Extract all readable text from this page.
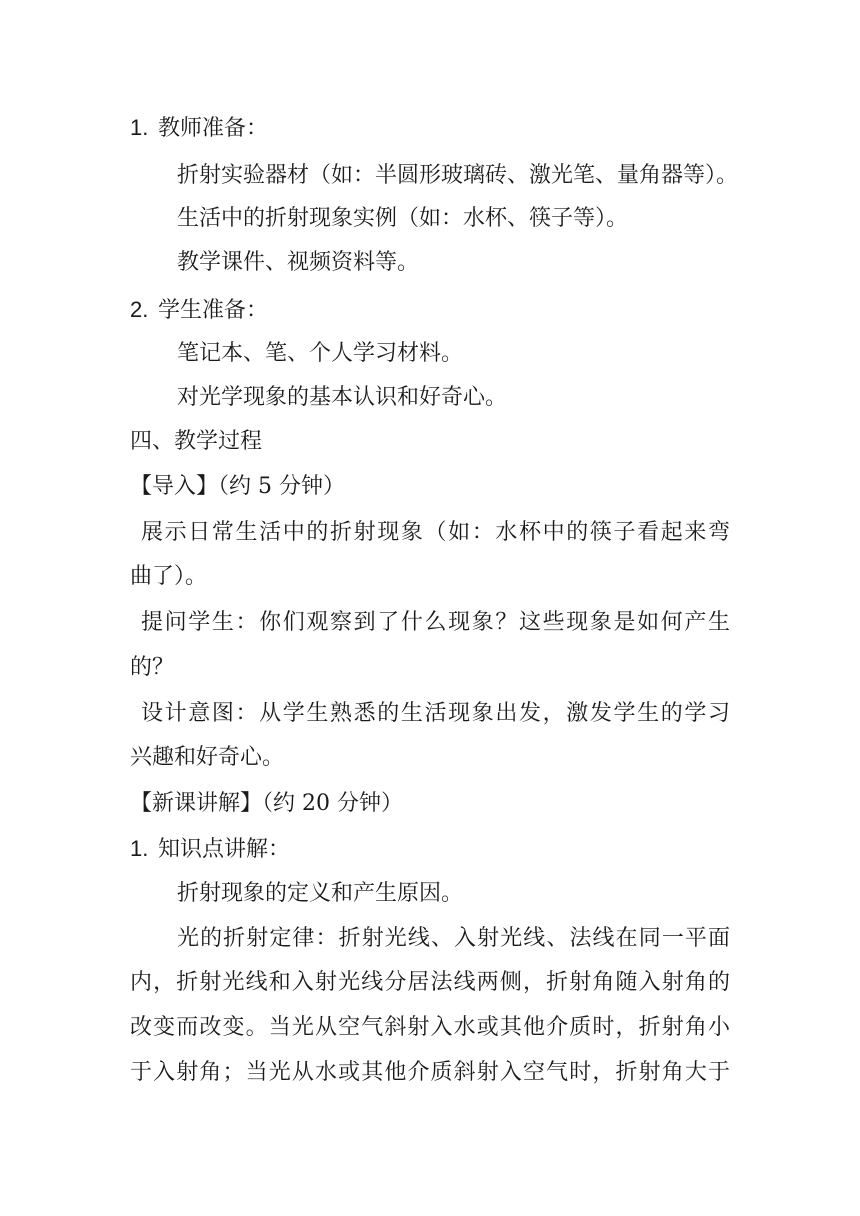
1. 教师准备：
折射实验器材（如：半圆形玻璃砖、激光笔、量角器等）。
生活中的折射现象实例（如：水杯、筷子等）。
教学课件、视频资料等。
2. 学生准备：
笔记本、笔、个人学习材料。
对光学现象的基本认识和好奇心。
四、教学过程
【导入】（约 5 分钟）
展示日常生活中的折射现象（如：水杯中的筷子看起来弯
曲了）。
提问学生：你们观察到了什么现象？这些现象是如何产生
的？
设计意图：从学生熟悉的生活现象出发，激发学生的学习
兴趣和好奇心。
【新课讲解】（约 20 分钟）
1. 知识点讲解：
折射现象的定义和产生原因。
光的折射定律：折射光线、入射光线、法线在同一平面
内，折射光线和入射光线分居法线两侧，折射角随入射角的
改变而改变。当光从空气斜射入水或其他介质时，折射角小
于入射角；当光从水或其他介质斜射入空气时，折射角大于
